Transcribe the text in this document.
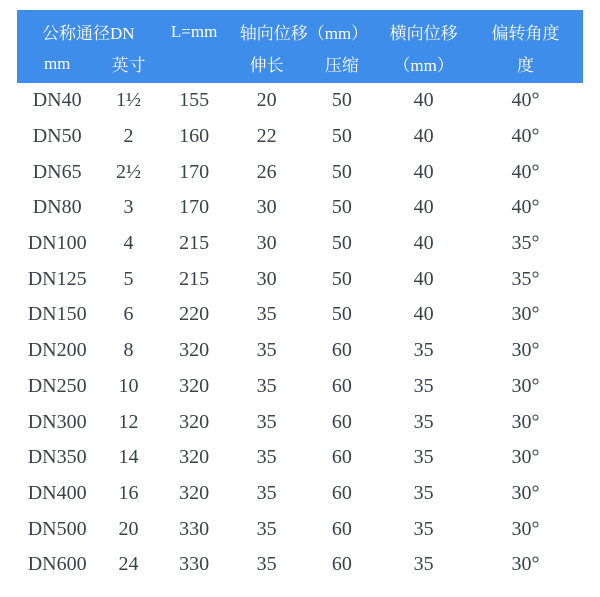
公称通径DN		L=mm	轴向位移（mm）		横向位移	偏转角度
mm	英寸		伸长	压缩	（mm）	度
DN40	1½	155	20	50	40	40°
DN50	2	160	22	50	40	40°
DN65	2½	170	26	50	40	40°
DN80	3	170	30	50	40	40°
DN100	4	215	30	50	40	35°
DN125	5	215	30	50	40	35°
DN150	6	220	35	50	40	30°
DN200	8	320	35	60	35	30°
DN250	10	320	35	60	35	30°
DN300	12	320	35	60	35	30°
DN350	14	320	35	60	35	30°
DN400	16	320	35	60	35	30°
DN500	20	330	35	60	35	30°
DN600	24	330	35	60	35	30°
